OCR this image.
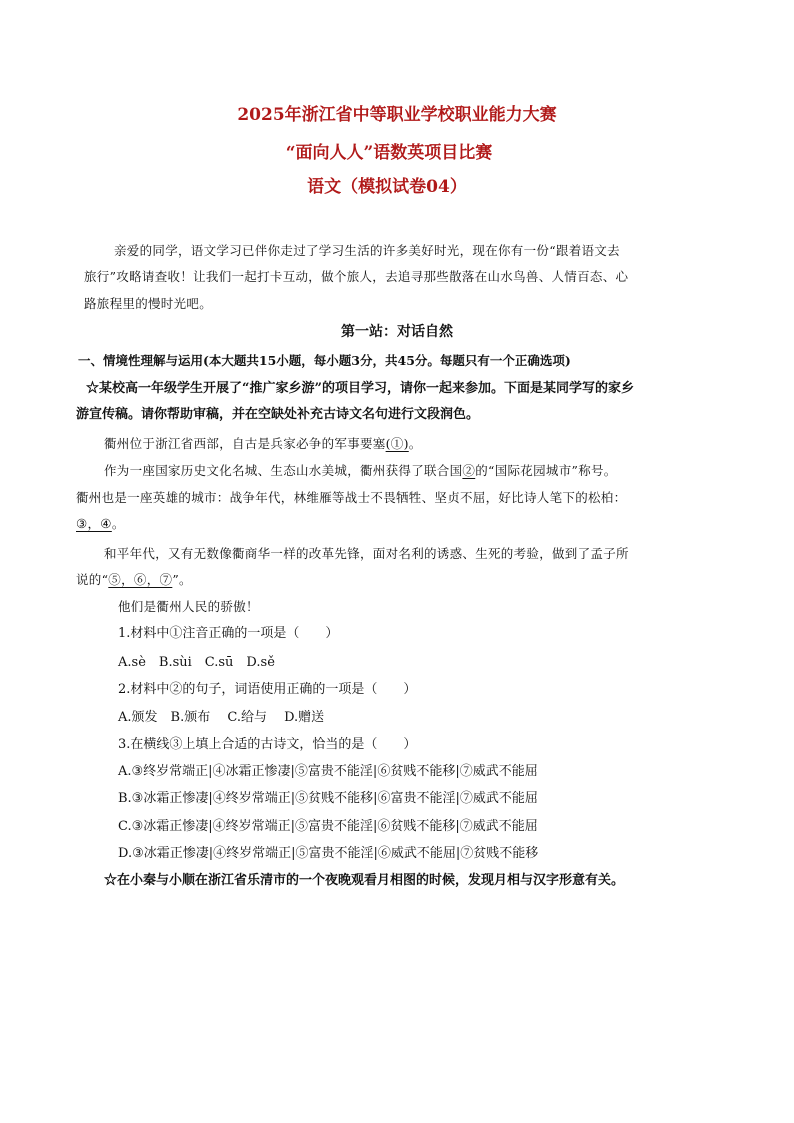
2025年浙江省中等职业学校职业能力大赛
“面向人人”语数英项目比赛
语文（模拟试卷04）
亲爱的同学，语文学习已伴你走过了学习生活的许多美好时光，现在你有一份“跟着语文去
旅行”攻略请查收！让我们一起打卡互动，做个旅人，去追寻那些散落在山水鸟兽、人情百态、心
路旅程里的慢时光吧。
第一站：对话自然
一、情境性理解与运用(本大题共15小题，每小题3分，共45分。每题只有一个正确选项)
☆某校高一年级学生开展了“推广家乡游”的项目学习，请你一起来参加。下面是某同学写的家乡
游宣传稿。请你帮助审稿，并在空缺处补充古诗文名句进行文段润色。
衢州位于浙江省西部，自古是兵家必争的军事要塞(①)。
作为一座国家历史文化名城、生态山水美城，衢州获得了联合国②的“国际花园城市”称号。
衢州也是一座英雄的城市：战争年代，林维雁等战士不畏牺牲、坚贞不屈，好比诗人笔下的松柏：
③，④。
和平年代，又有无数像衢商华一样的改革先锋，面对名利的诱惑、生死的考验，做到了孟子所
说的“⑤，⑥，⑦”。
他们是衢州人民的骄傲！
1.材料中①注音正确的一项是（　　）
A.sè　B.sùi　C.sū　D.sě
2.材料中②的句子，词语使用正确的一项是（　　）
A.颁发　B.颁布　 C.给与　 D.赠送
3.在横线③上填上合适的古诗文，恰当的是（　　）
A.③终岁常端正|④冰霜正惨凄|⑤富贵不能淫|⑥贫贱不能移|⑦威武不能屈
B.③冰霜正惨凄|④终岁常端正|⑤贫贱不能移|⑥富贵不能淫|⑦威武不能屈
C.③冰霜正惨凄|④终岁常端正|⑤富贵不能淫|⑥贫贱不能移|⑦威武不能屈
D.③冰霜正惨凄|④终岁常端正|⑤富贵不能淫|⑥威武不能屈|⑦贫贱不能移
☆在小秦与小顺在浙江省乐清市的一个夜晚观看月相图的时候，发现月相与汉字形意有关。
